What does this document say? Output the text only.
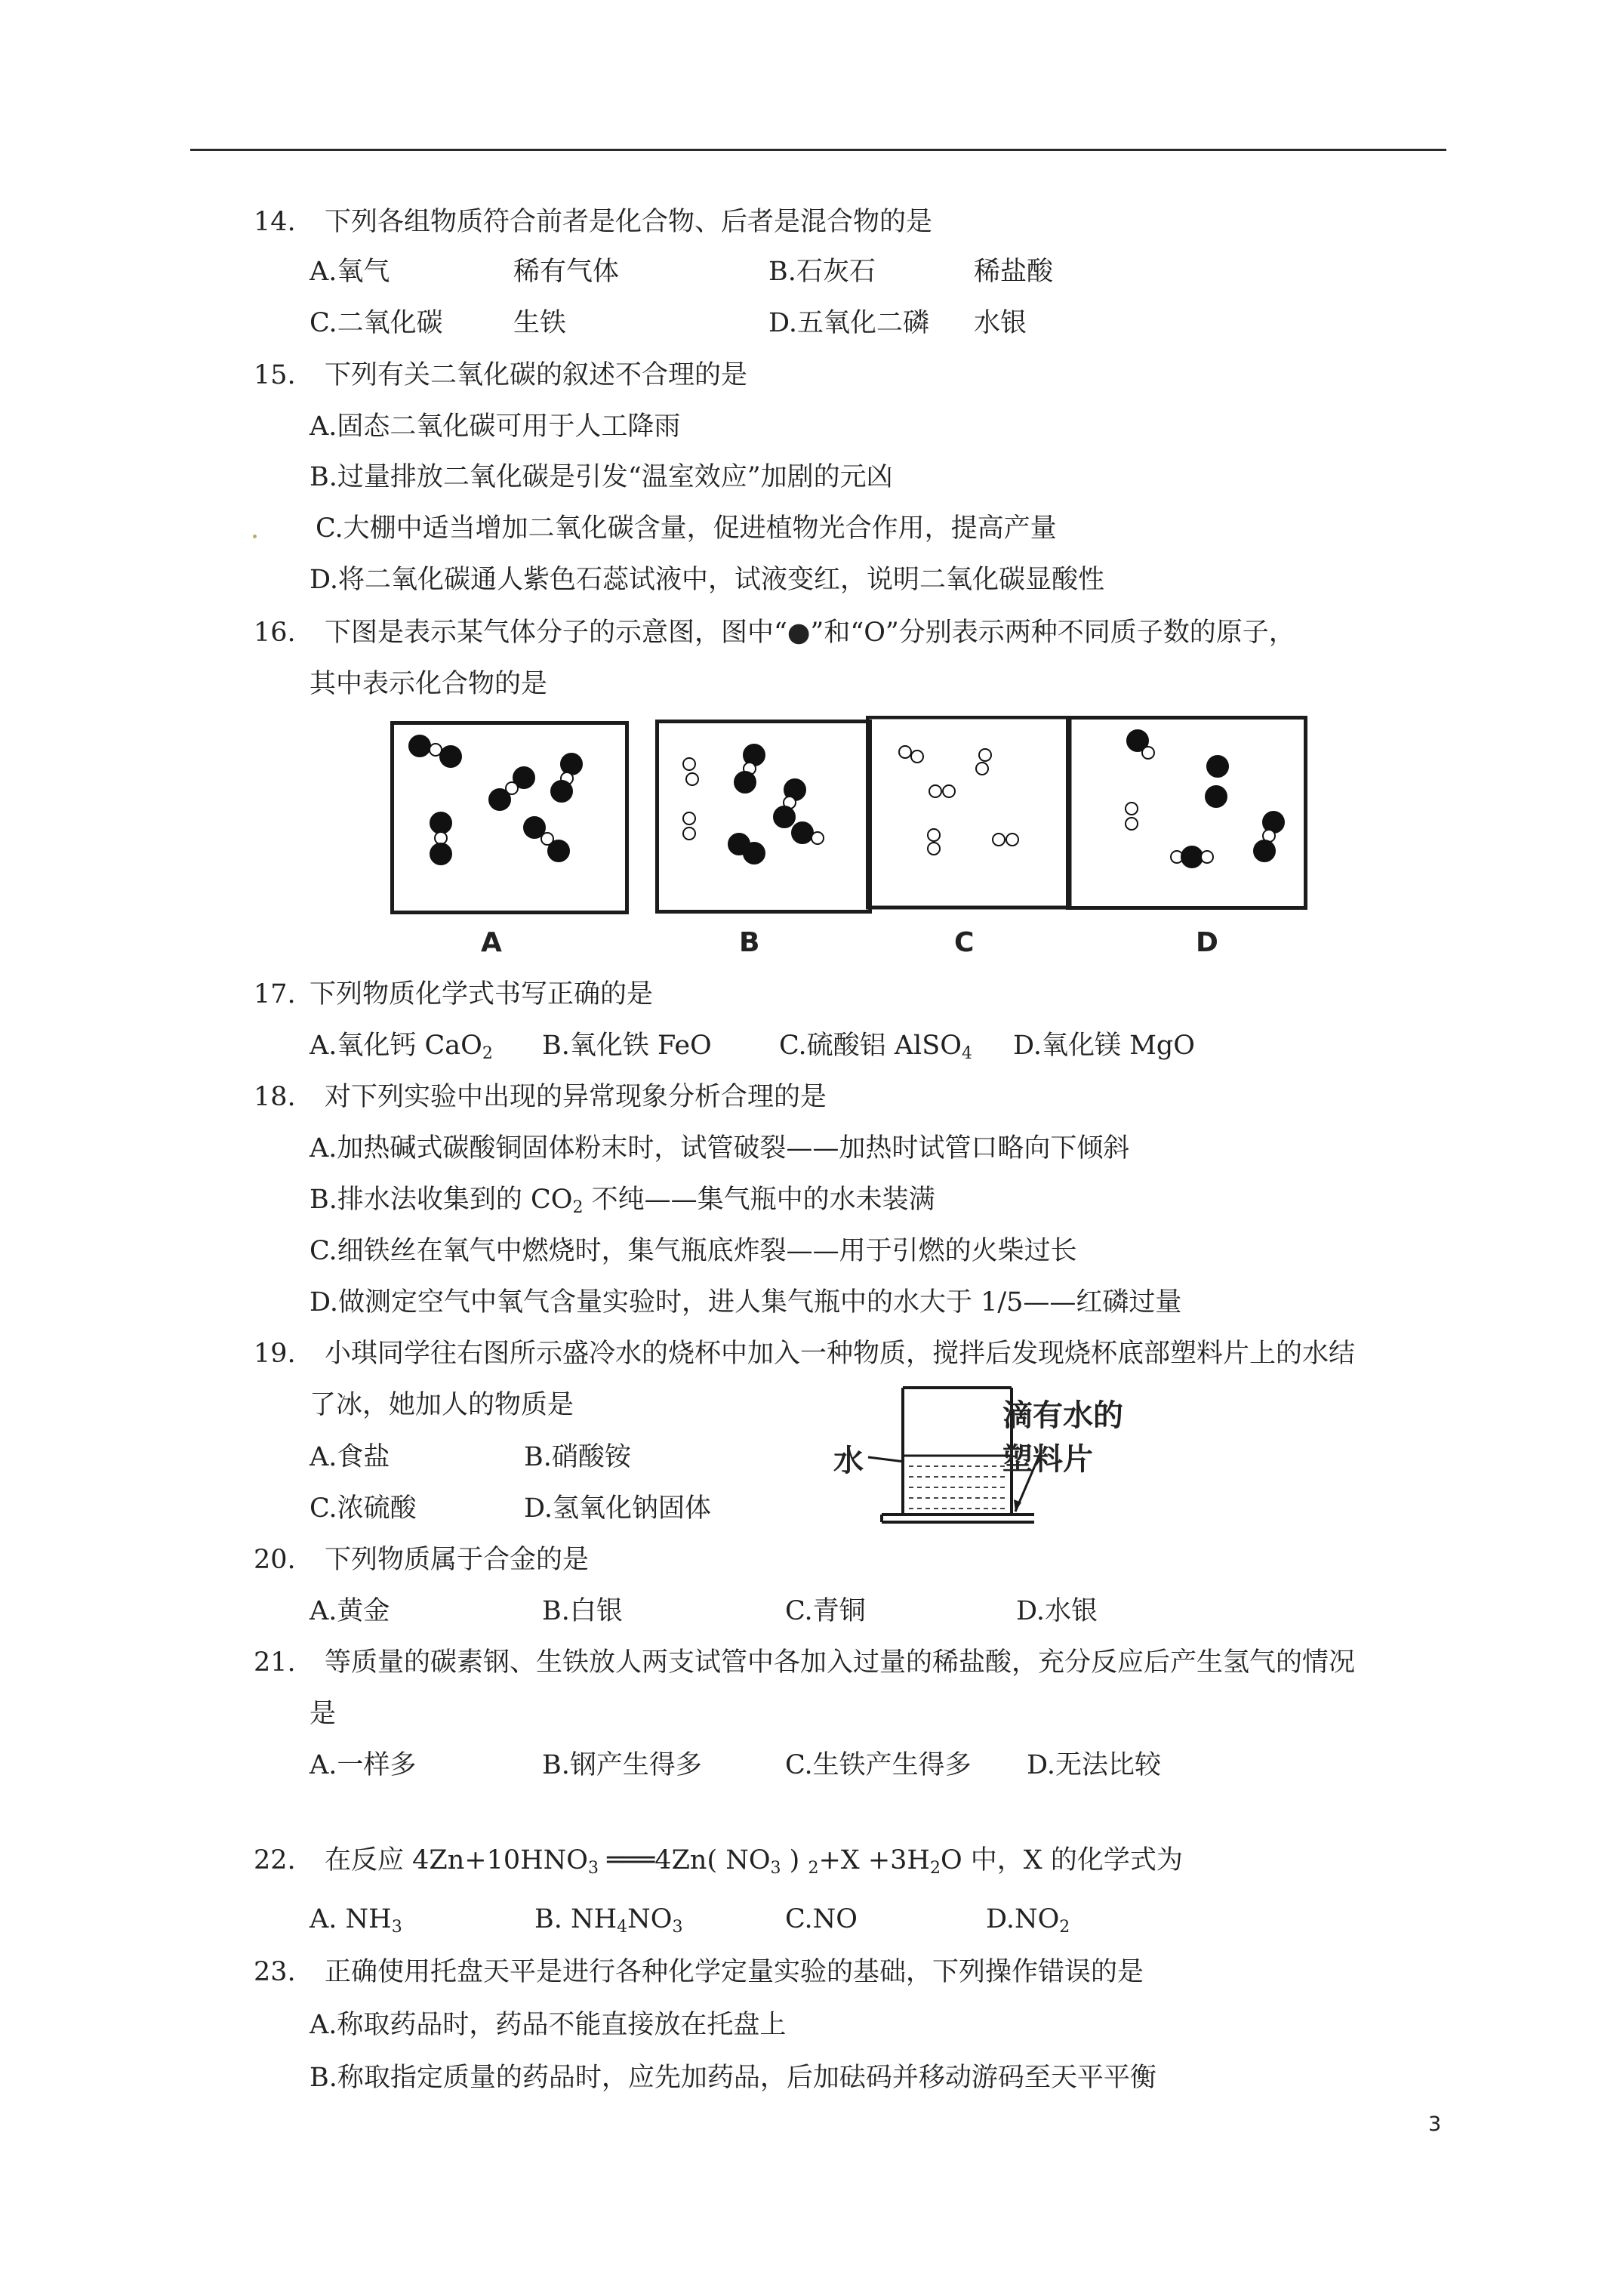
14. 下列各组物质符合前者是化合物、后者是混合物的是
A.氧气	稀有气体	B.石灰石	稀盐酸
C.二氧化碳	生铁	D.五氧化二磷 水银
15. 下列有关二氧化碳的叙述不合理的是
A.固态二氧化碳可用于人工降雨
B.过量排放二氧化碳是引发“温室效应”加剧的元凶
C.大棚中适当增加二氧化碳含量，促进植物光合作用，提高产量
D.将二氧化碳通人紫色石蕊试液中，试液变红，说明二氧化碳显酸性
16. 下图是表示某气体分子的示意图，图中“●”和“O”分别表示两种不同质子数的原子，
其中表示化合物的是
A	B	C	D
17. 下列物质化学式书写正确的是
A.氧化钙 CaO$_2$ B.氧化铁 FeO	C.硫酸铝 AlSO$_4$ D.氧化镁 MgO
18. 对下列实验中出现的异常现象分析合理的是
A.加热碱式碳酸铜固体粉末时，试管破裂——加热时试管口略向下倾斜
B.排水法收集到的 $CO_2$ 不纯——集气瓶中的水未装满
C.细铁丝在氧气中燃烧时，集气瓶底炸裂——用于引燃的火柴过长
D.做测定空气中氧气含量实验时，进人集气瓶中的水大于 1/5——红磷过量
19. 小琪同学往右图所示盛冷水的烧杯中加入一种物质，搅拌后发现烧杯底部塑料片上的水结
了冰，她加人的物质是
A.食盐	B.硝酸铵
C.浓硫酸	D.氢氧化钠固体
水
滴有水的
塑料片
20. 下列物质属于合金的是
A.黄金	B.白银	C.青铜	D.水银
21. 等质量的碳素钢、生铁放人两支试管中各加入过量的稀盐酸，充分反应后产生氢气的情况
是
A.一样多	B.钢产生得多	C.生铁产生得多 D.无法比较
22. 在反应 $4Zn+10HNO_3$ ═══4Zn( $NO_3$ ) $_2+X +3H_2O$ 中，X 的化学式为
A. $NH_3$	B. $NH_4NO_3$	C.NO	$D.NO_2$
23. 正确使用托盘天平是进行各种化学定量实验的基础，下列操作错误的是
A.称取药品时，药品不能直接放在托盘上
B.称取指定质量的药品时，应先加药品，后加砝码并移动游码至天平平衡
3
